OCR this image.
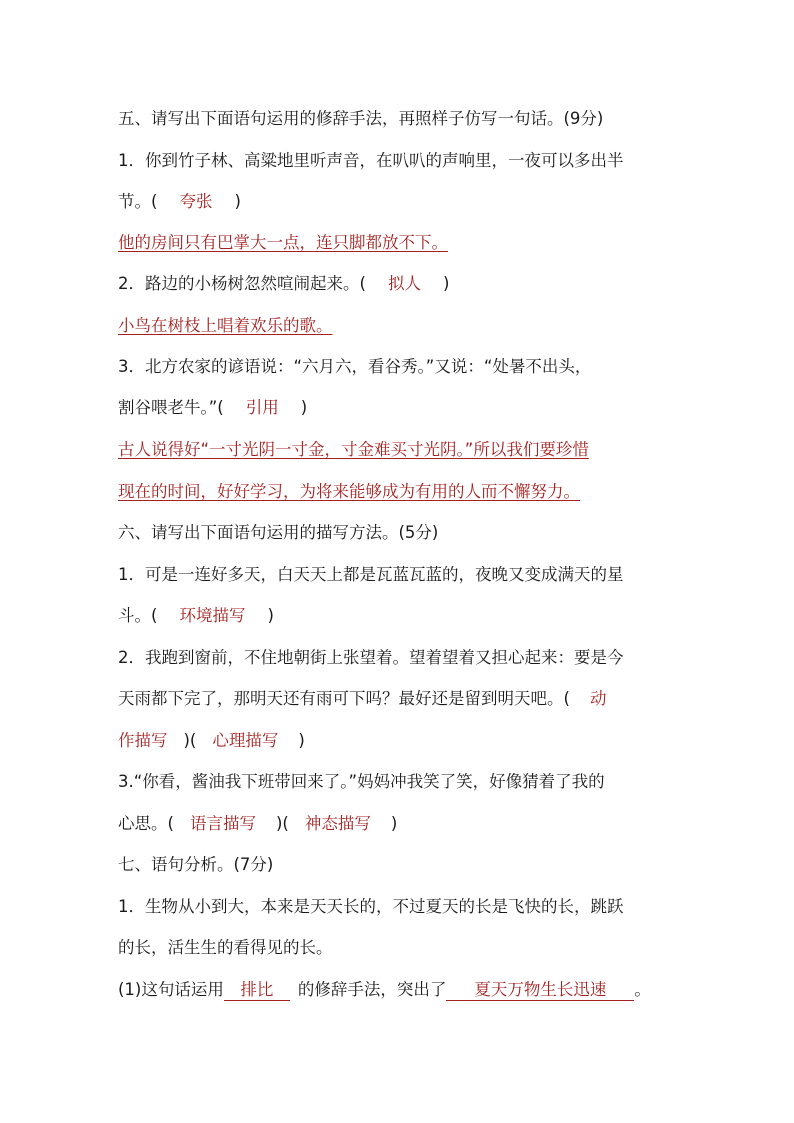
五、请写出下面语句运用的修辞手法，再照样子仿写一句话。(9分)
1．你到竹子林、高粱地里听声音，在叭叭的声响里，一夜可以多出半
节。( 夸张 )
他的房间只有巴掌大一点，连只脚都放不下。
2．路边的小杨树忽然喧闹起来。( 拟人 )
小鸟在树枝上唱着欢乐的歌。
3．北方农家的谚语说：“六月六，看谷秀。”又说：“处暑不出头，
割谷喂老牛。”( 引用 )
古人说得好“一寸光阴一寸金，寸金难买寸光阴。”所以我们要珍惜
现在的时间，好好学习，为将来能够成为有用的人而不懈努力。
六、请写出下面语句运用的描写方法。(5分)
1．可是一连好多天，白天天上都是瓦蓝瓦蓝的，夜晚又变成满天的星
斗。( 环境描写 )
2．我跑到窗前，不住地朝街上张望着。望着望着又担心起来：要是今
天雨都下完了，那明天还有雨可下吗？最好还是留到明天吧。( 动
作描写 )( 心理描写 )
3.“你看，酱油我下班带回来了。”妈妈冲我笑了笑，好像猜着了我的
心思。( 语言描写 )( 神态描写 )
七、语句分析。(7分)
1．生物从小到大，本来是天天长的，不过夏天的长是飞快的长，跳跃
的长，活生生的看得见的长。
(1)这句话运用 排比 的修辞手法，突出了 夏天万物生长迅速 。
